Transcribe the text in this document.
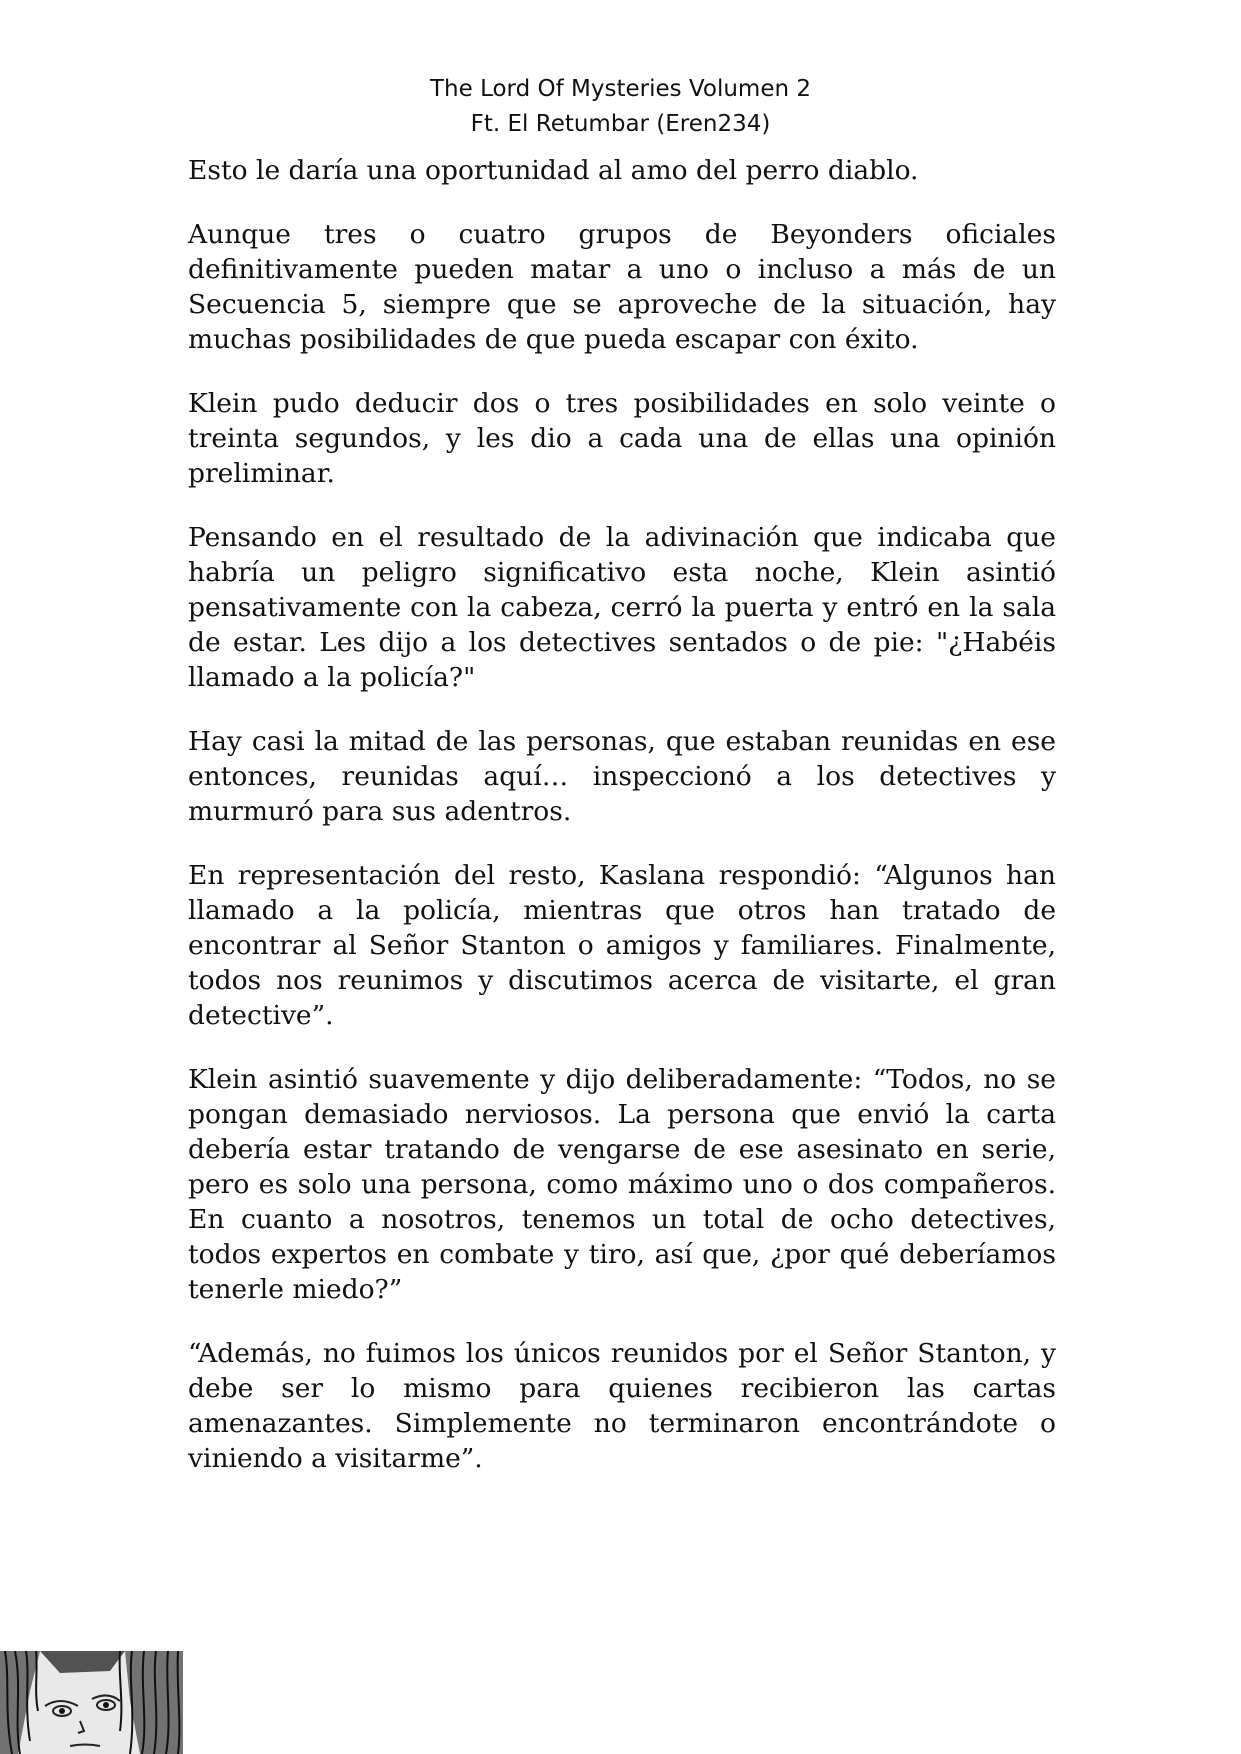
The Lord Of Mysteries Volumen 2
Ft. El Retumbar (Eren234)

Esto le daría una oportunidad al amo del perro diablo.

Aunque tres o cuatro grupos de Beyonders oficiales definitivamente pueden matar a uno o incluso a más de un Secuencia 5, siempre que se aproveche de la situación, hay muchas posibilidades de que pueda escapar con éxito.

Klein pudo deducir dos o tres posibilidades en solo veinte o treinta segundos, y les dio a cada una de ellas una opinión preliminar.

Pensando en el resultado de la adivinación que indicaba que habría un peligro significativo esta noche, Klein asintió pensativamente con la cabeza, cerró la puerta y entró en la sala de estar. Les dijo a los detectives sentados o de pie: "¿Habéis llamado a la policía?"

Hay casi la mitad de las personas, que estaban reunidas en ese entonces, reunidas aquí… inspeccionó a los detectives y murmuró para sus adentros.

En representación del resto, Kaslana respondió: “Algunos han llamado a la policía, mientras que otros han tratado de encontrar al Señor Stanton o amigos y familiares. Finalmente, todos nos reunimos y discutimos acerca de visitarte, el gran detective”.

Klein asintió suavemente y dijo deliberadamente: “Todos, no se pongan demasiado nerviosos. La persona que envió la carta debería estar tratando de vengarse de ese asesinato en serie, pero es solo una persona, como máximo uno o dos compañeros. En cuanto a nosotros, tenemos un total de ocho detectives, todos expertos en combate y tiro, así que, ¿por qué deberíamos tenerle miedo?”

“Además, no fuimos los únicos reunidos por el Señor Stanton, y debe ser lo mismo para quienes recibieron las cartas amenazantes. Simplemente no terminaron encontrándote o viniendo a visitarme”.
